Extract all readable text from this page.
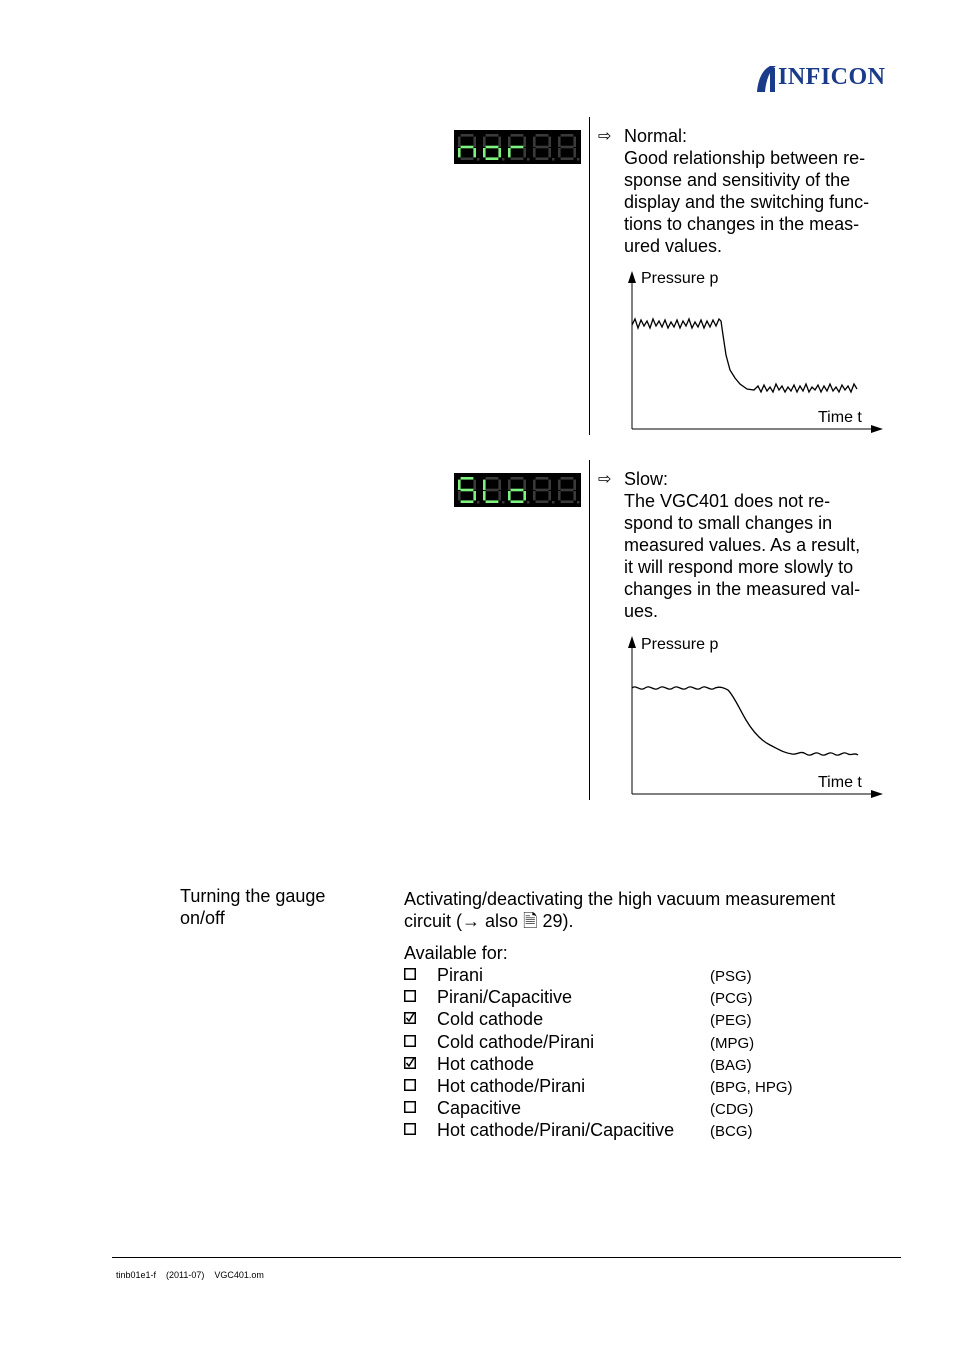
INFICON
⇨ Normal:
Good relationship between re-
sponse and sensitivity of the
display and the switching func-
tions to changes in the meas-
ured values.
Pressure p
Time t
⇨ Slow:
The VGC401 does not re-
spond to small changes in
measured values. As a result,
it will respond more slowly to
changes in the measured val-
ues.
Pressure p
Time t
Turning the gauge
on/off
Activating/deactivating the high vacuum measurement
circuit (→ also 🗎 29).
Available for:
Pirani	(PSG)
Pirani/Capacitive	(PCG)
Cold cathode	(PEG)
Cold cathode/Pirani	(MPG)
Hot cathode	(BAG)
Hot cathode/Pirani	(BPG, HPG)
Capacitive	(CDG)
Hot cathode/Pirani/Capacitive (BCG)
tinb01e1-f    (2011-07)    VGC401.om
